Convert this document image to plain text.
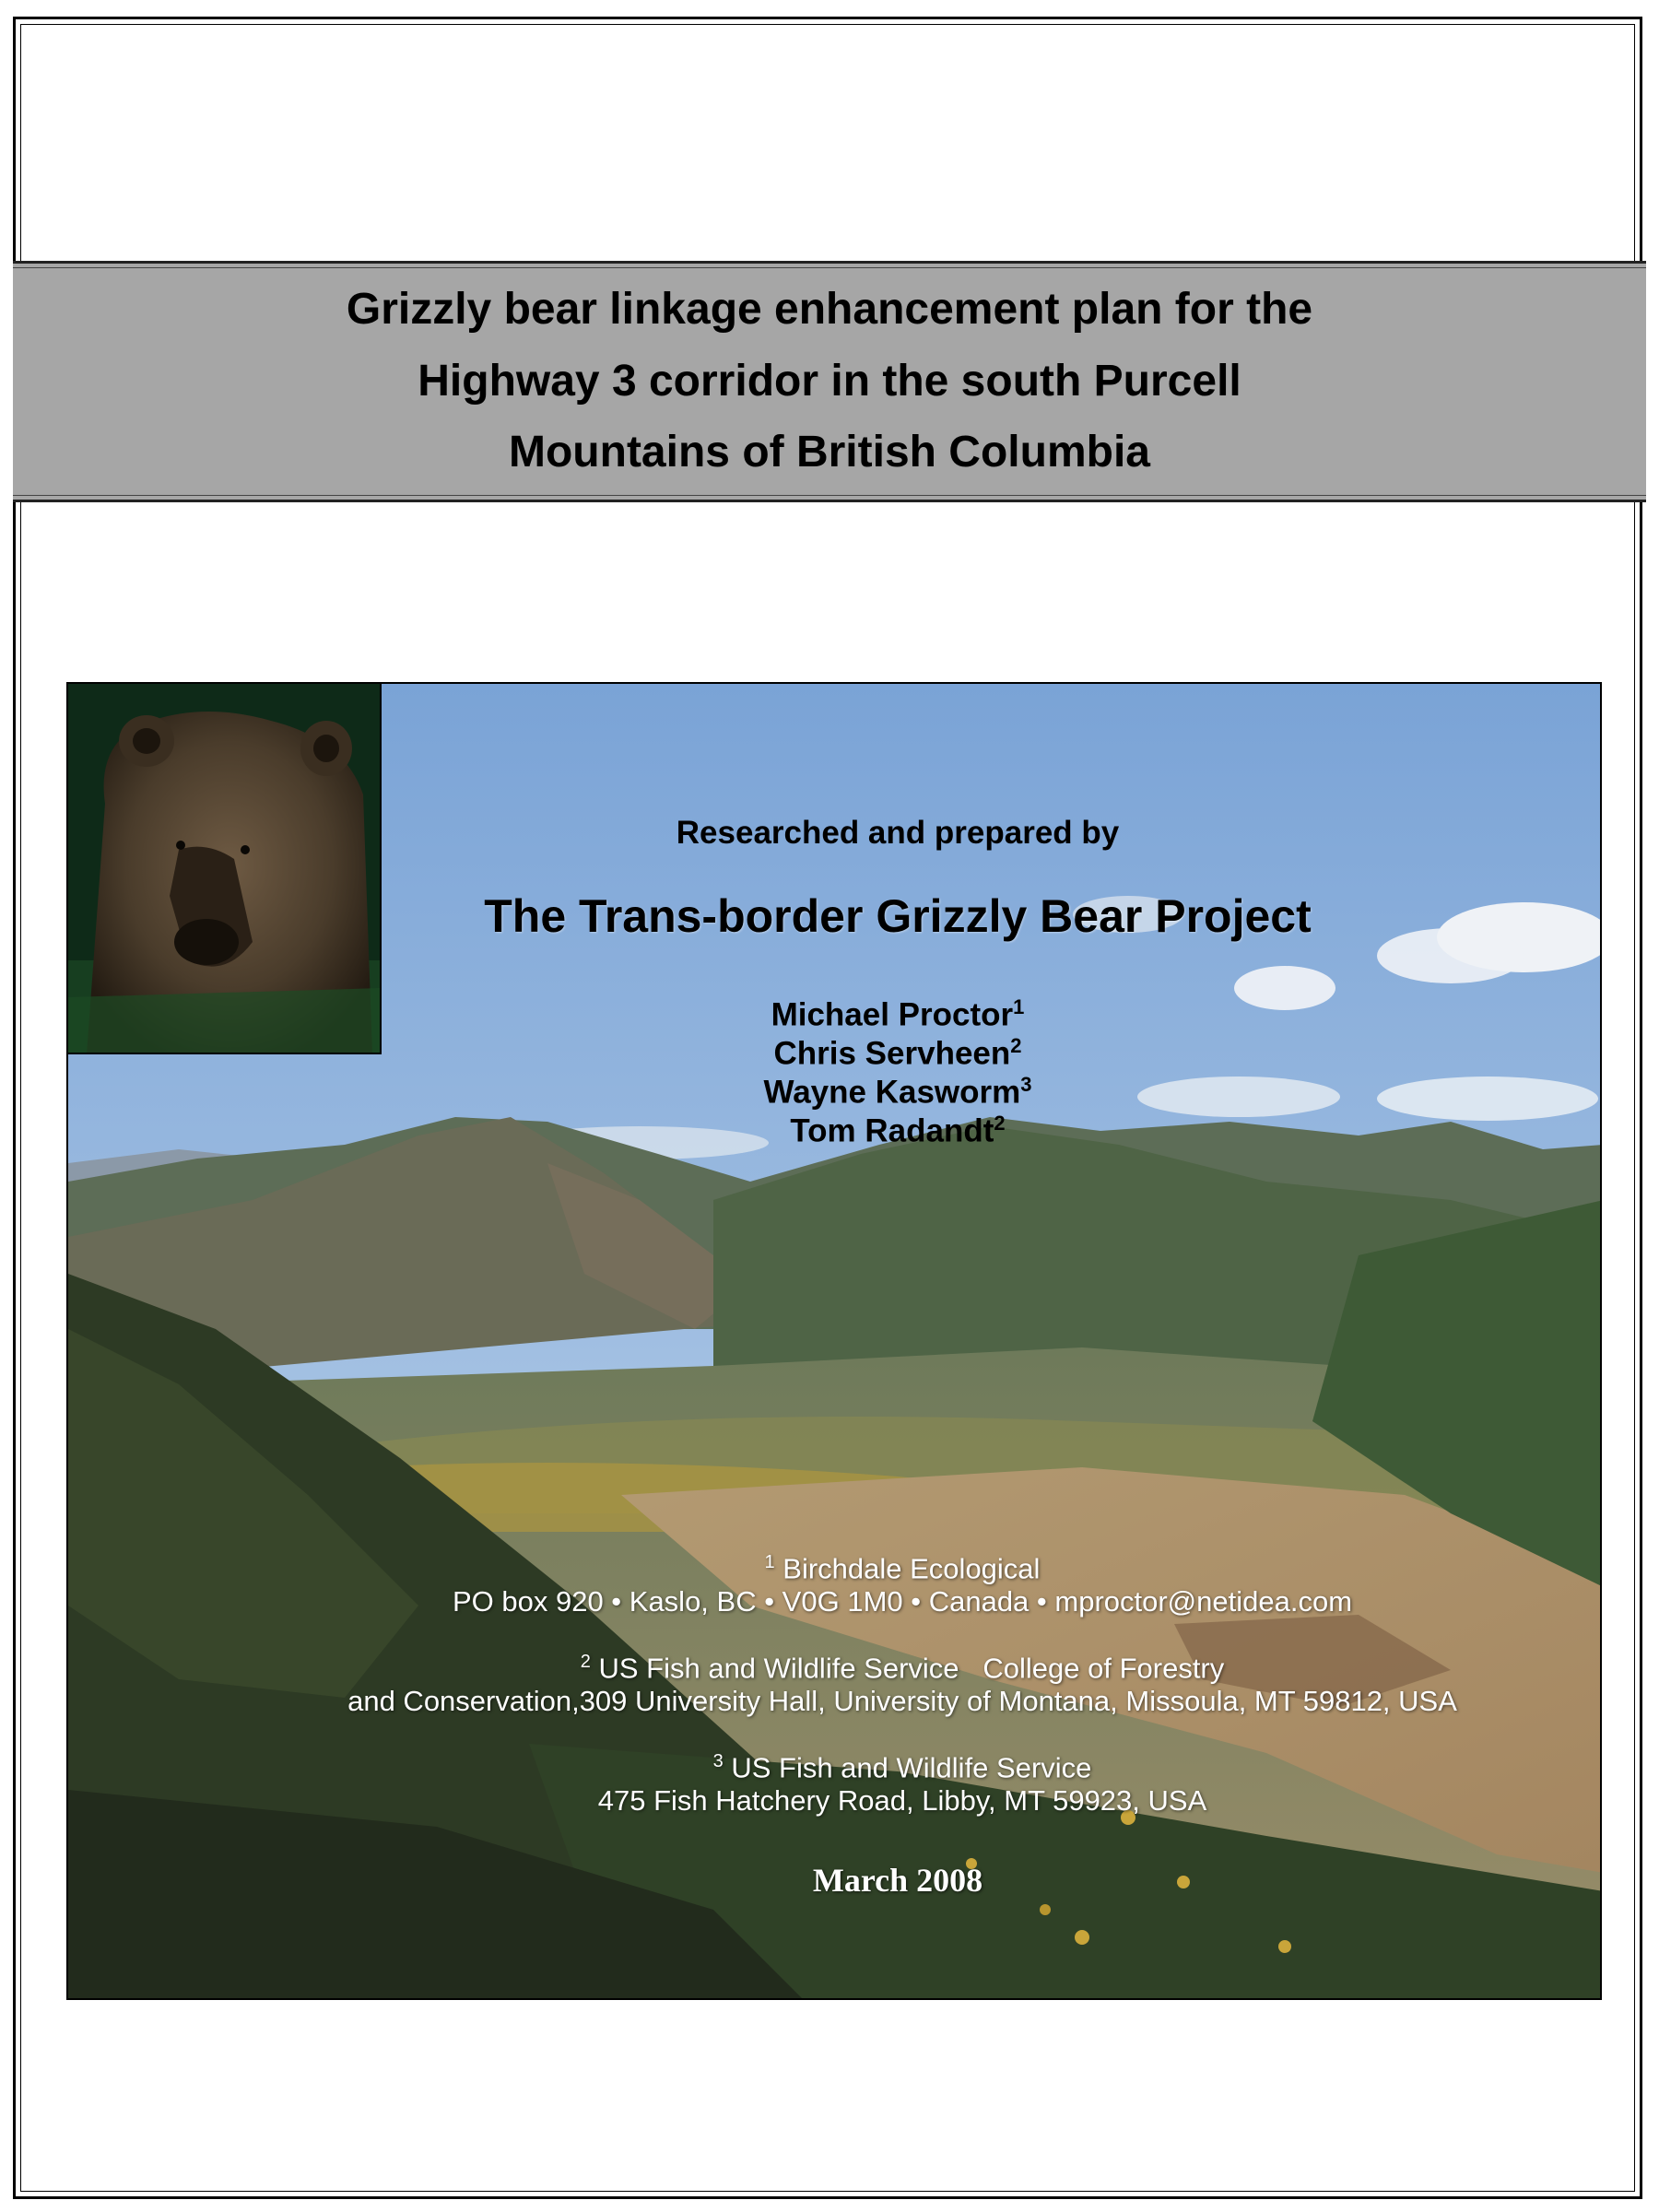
Grizzly bear linkage enhancement plan for the
Highway 3 corridor in the south Purcell
Mountains of British Columbia
Researched and prepared by
The Trans-border Grizzly Bear Project
Michael Proctor$^1$
Chris Servheen$^2$
Wayne Kasworm$^3$
Tom Radandt$^2$
$^1$ Birchdale Ecological
PO box 920 • Kaslo, BC • V0G 1M0 • Canada • mproctor@netidea.com
$^2$ US Fish and Wildlife Service   College of Forestry
and Conservation,309 University Hall, University of Montana, Missoula, MT 59812, USA
$^3$ US Fish and Wildlife Service
475 Fish Hatchery Road, Libby, MT 59923, USA
March 2008
